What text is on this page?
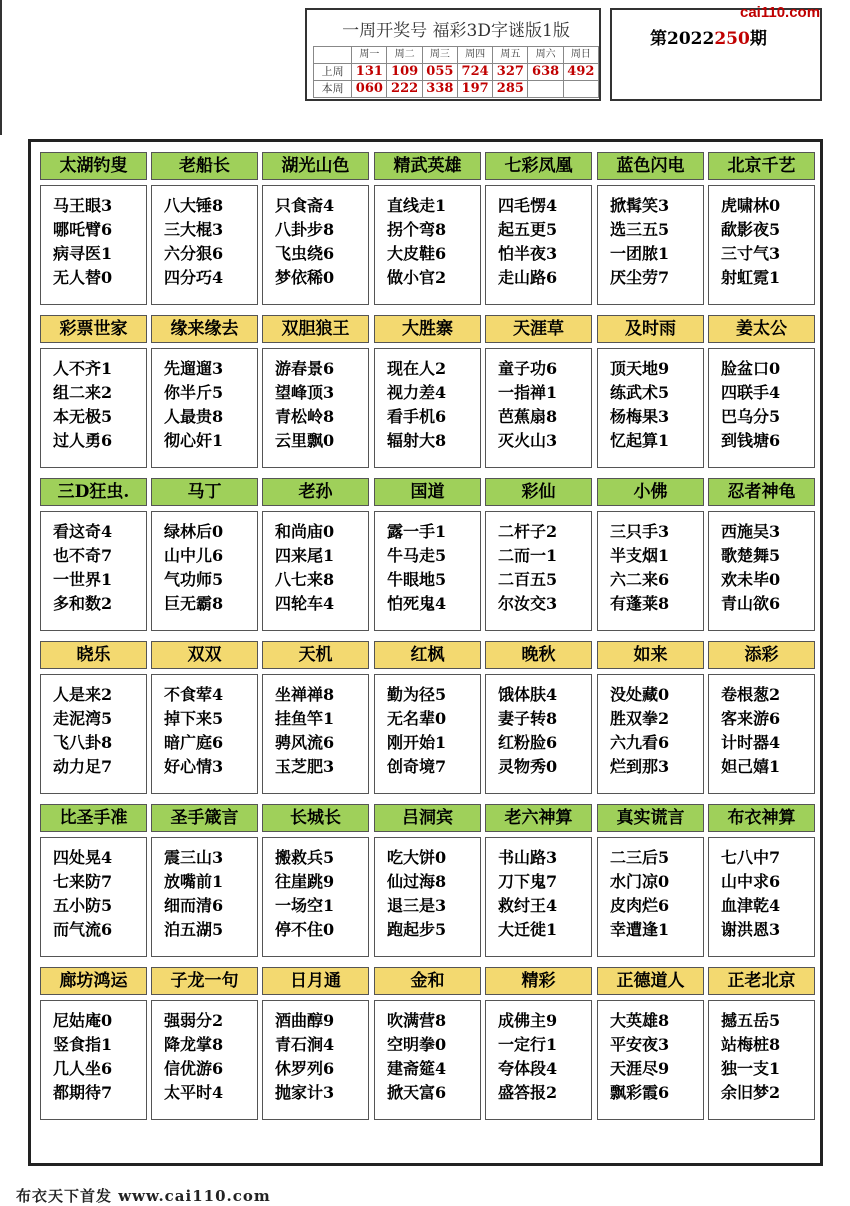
一周开奖号 福彩3D字谜版1版
	周一	周二	周三	周四	周五	周六	周日
上周	131	109	055	724	327	638	492
本周	060	222	338	197	285		
第2022250期
cai110.com
太湖钓叟
马王眼3
哪吒臂6
病寻医1
无人替0
老船长
八大锤8
三大棍3
六分狠6
四分巧4
湖光山色
只食斋4
八卦步8
飞虫绕6
梦依稀0
精武英雄
直线走1
拐个弯8
大皮鞋6
做小官2
七彩凤凰
四毛愣4
起五更5
怕半夜3
走山路6
蓝色闪电
掀髯笑3
选三五5
一团脓1
厌尘劳7
北京千艺
虎啸林0
歃影夜5
三寸气3
射虹霓1
彩票世家
人不齐1
组二来2
本无极5
过人勇6
缘来缘去
先遛遛3
你半斤5
人最贵8
彻心奸1
双胆狼王
游春景6
望峰顶3
青松岭8
云里飘0
大胜寨
现在人2
视力差4
看手机6
辐射大8
天涯草
童子功6
一指禅1
芭蕉扇8
灭火山3
及时雨
顶天地9
练武术5
杨梅果3
忆起算1
姜太公
脸盆口0
四联手4
巴乌分5
到钱塘6
三D狂虫.
看这奇4
也不奇7
一世界1
多和数2
马丁
绿林后0
山中儿6
气功师5
巨无霸8
老孙
和尚庙0
四来尾1
八七来8
四轮车4
国道
露一手1
牛马走5
牛眼地5
怕死鬼4
彩仙
二杆子2
二而一1
二百五5
尔汝交3
小佛
三只手3
半支烟1
六二来6
有蓬莱8
忍者神龟
西施吴3
歌楚舞5
欢未毕0
青山欲6
晓乐
人是来2
走泥湾5
飞八卦8
动力足7
双双
不食荤4
掉下来5
暗广庭6
好心情3
天机
坐禅禅8
挂鱼竿1
骋风流6
玉芝肥3
红枫
勤为径5
无名辈0
刚开始1
创奇境7
晚秋
饿体肤4
妻子转8
红粉脸6
灵物秀0
如来
没处藏0
胜双拳2
六九看6
烂到那3
添彩
卷根葱2
客来游6
计时器4
妲己嬉1
比圣手准
四处晃4
七来防7
五小防5
而气流6
圣手箴言
震三山3
放嘴前1
细而清6
泊五湖5
长城长
搬救兵5
往崖跳9
一场空1
停不住0
吕洞宾
吃大饼0
仙过海8
退三是3
跑起步5
老六神算
书山路3
刀下鬼7
救纣王4
大迁徙1
真实谎言
二三后5
水门凉0
皮肉烂6
幸遭逢1
布衣神算
七八中7
山中求6
血津乾4
谢洪恩3
廊坊鸿运
尼姑庵0
竖食指1
几人坐6
都期待7
子龙一句
强弱分2
降龙掌8
信优游6
太平时4
日月通
酒曲醇9
青石涧4
休罗列6
抛家计3
金和
吹满营8
空明拳0
建斋筵4
掀天富6
精彩
成佛主9
一定行1
夸体段4
盛答报2
正德道人
大英雄8
平安夜3
天涯尽9
飘彩霞6
正老北京
撼五岳5
站梅桩8
独一支1
余旧梦2
布衣天下首发 www.cai110.com
